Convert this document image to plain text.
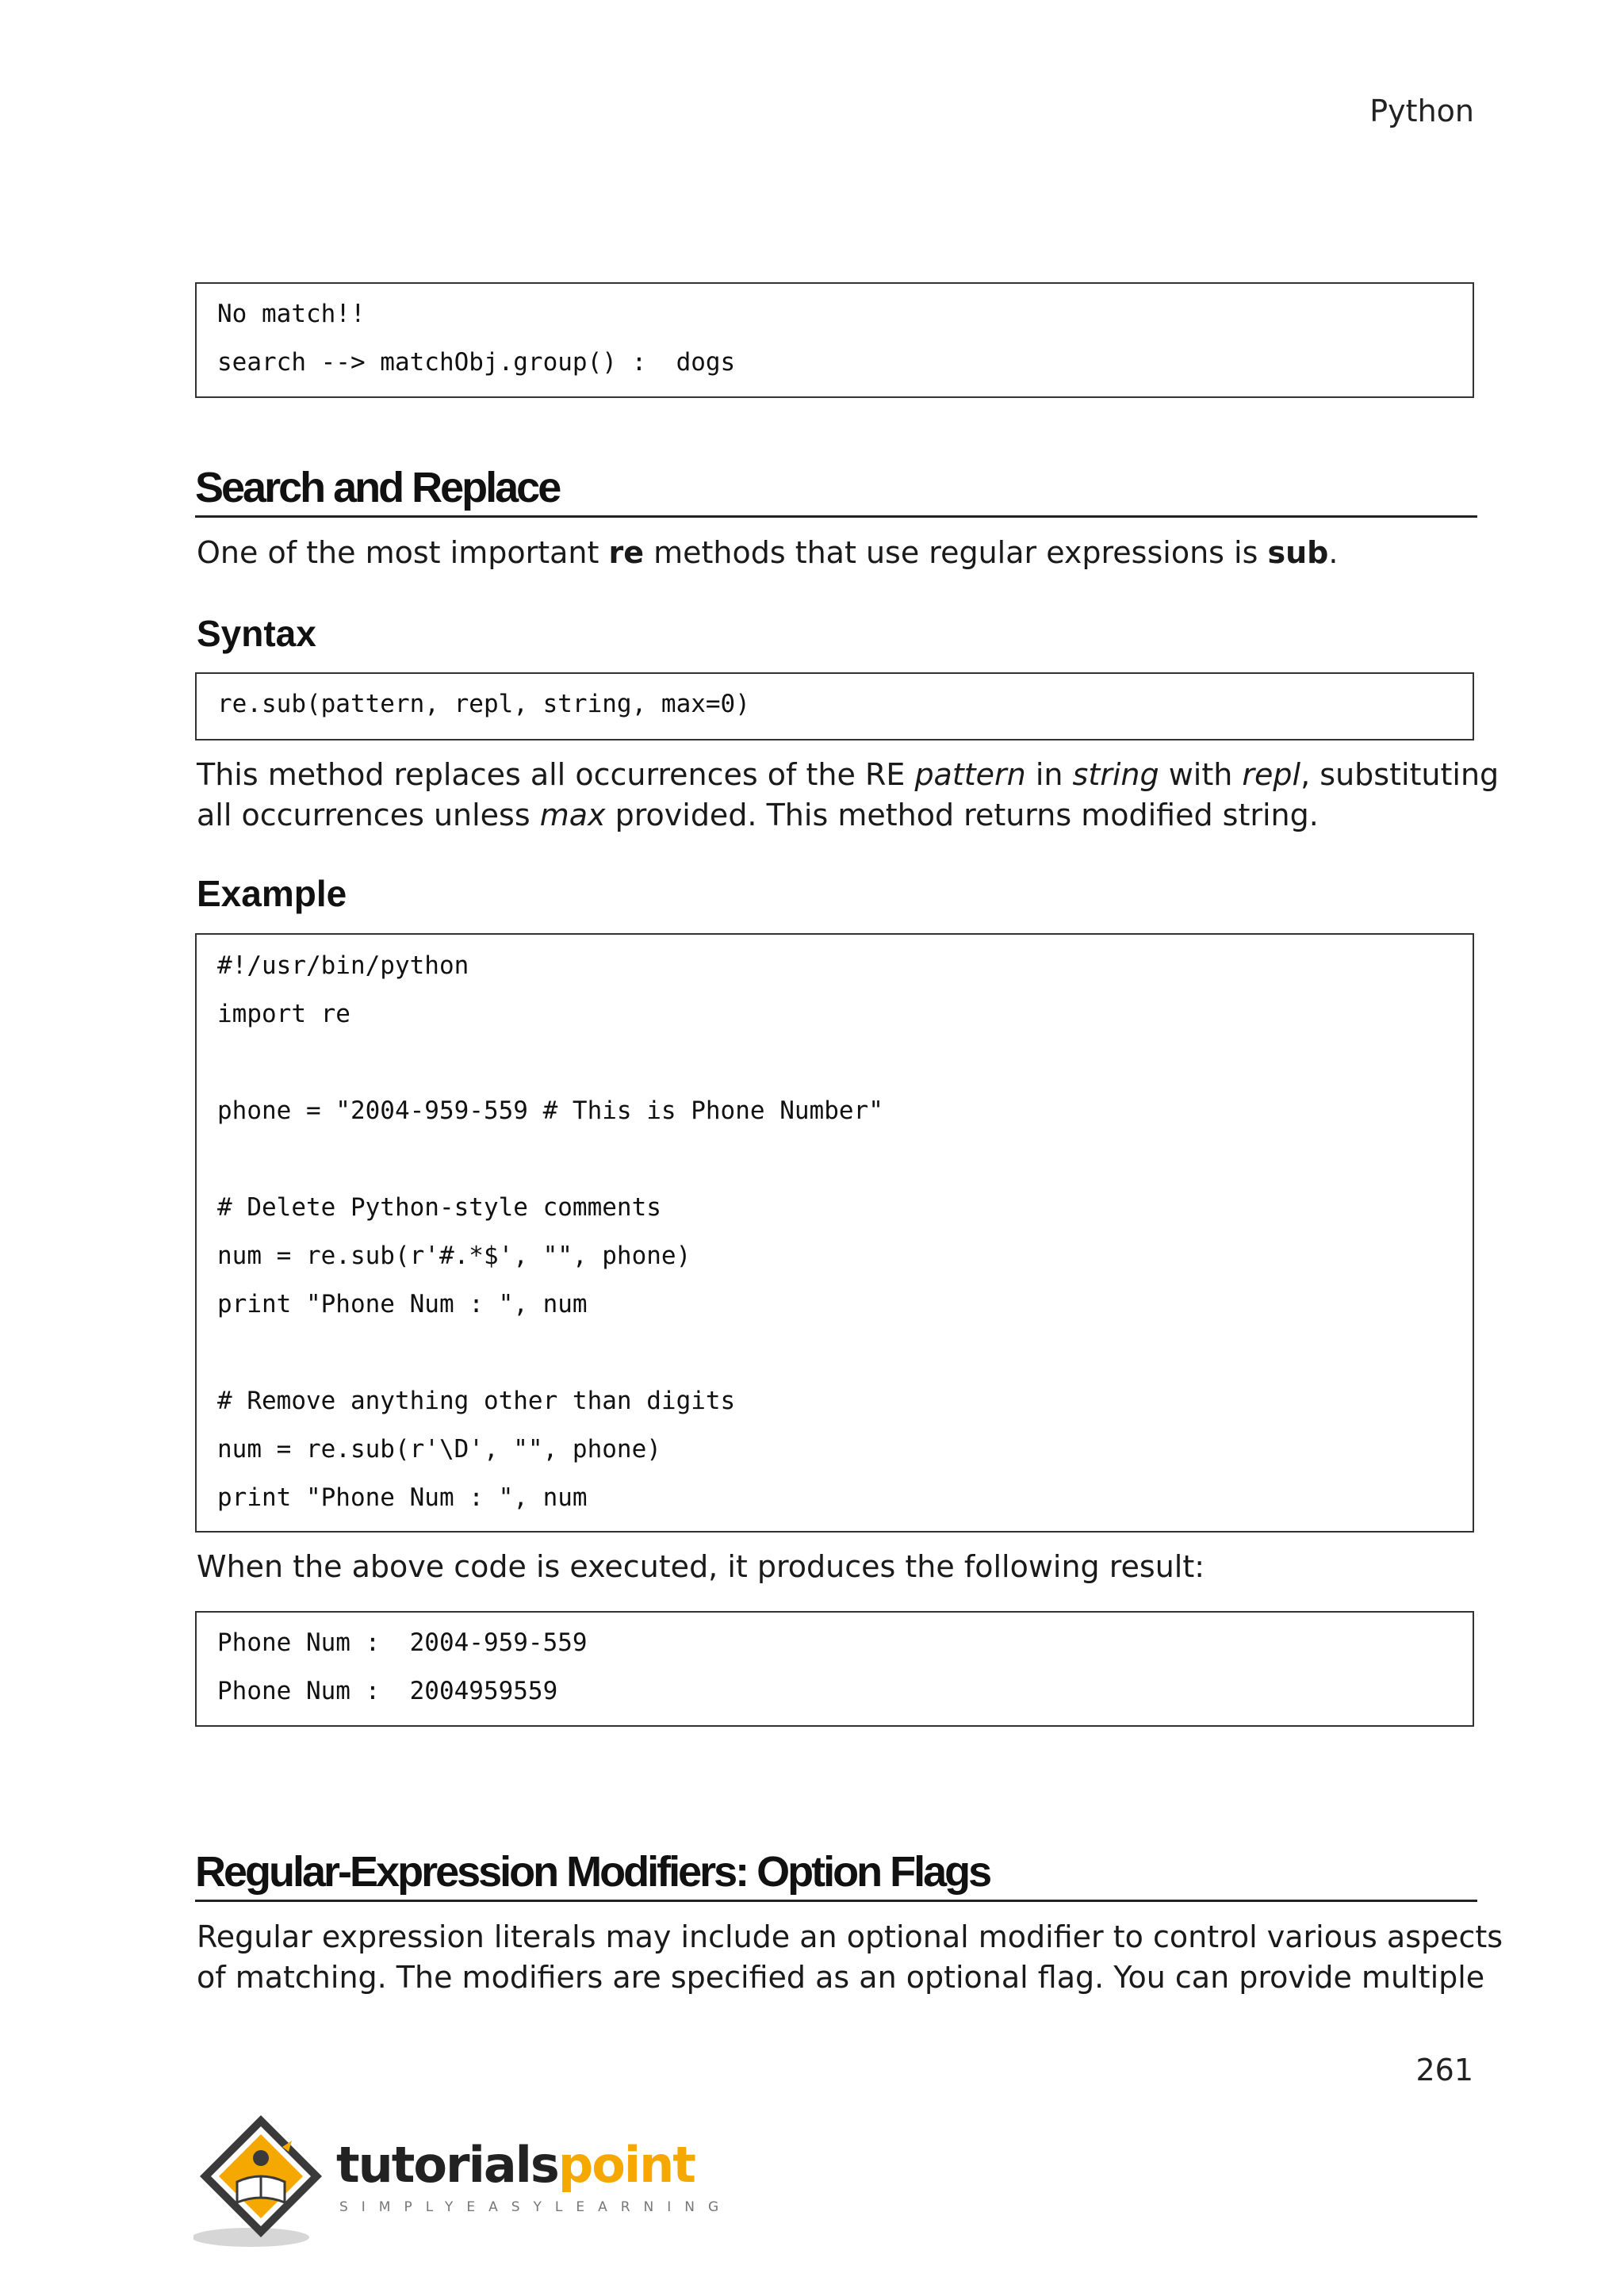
Python
No match!!
search --> matchObj.group() :  dogs
Search and Replace
One of the most important re methods that use regular expressions is sub.
Syntax
re.sub(pattern, repl, string, max=0)
This method replaces all occurrences of the RE pattern in string with repl, substituting
all occurrences unless max provided. This method returns modified string.
Example
#!/usr/bin/python
import re
phone = "2004-959-559 # This is Phone Number"
# Delete Python-style comments
num = re.sub(r'#.*$', "", phone)
print "Phone Num : ", num
# Remove anything other than digits
num = re.sub(r'\D', "", phone)
print "Phone Num : ", num
When the above code is executed, it produces the following result:
Phone Num :  2004-959-559
Phone Num :  2004959559
Regular-Expression Modifiers: Option Flags
Regular expression literals may include an optional modifier to control various aspects
of matching. The modifiers are specified as an optional flag. You can provide multiple
261
tutorialspoint
SIMPLYEASYLEARNING
